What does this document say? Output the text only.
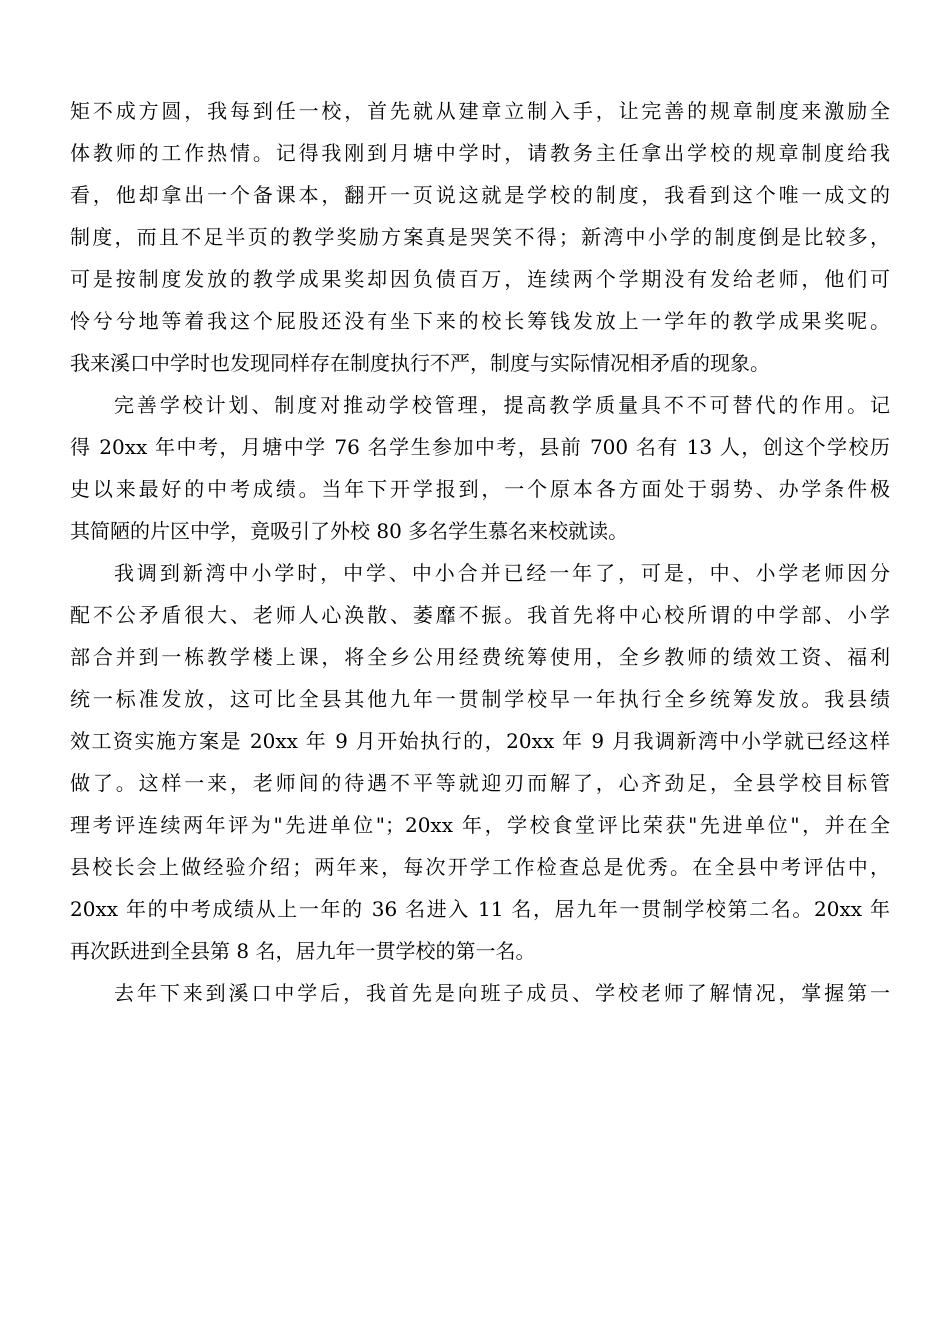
矩不成方圆，我每到任一校，首先就从建章立制入手，让完善的规章制度来激励全
体教师的工作热情。记得我刚到月塘中学时，请教务主任拿出学校的规章制度给我
看，他却拿出一个备课本，翻开一页说这就是学校的制度，我看到这个唯一成文的
制度，而且不足半页的教学奖励方案真是哭笑不得；新湾中小学的制度倒是比较多，
可是按制度发放的教学成果奖却因负债百万，连续两个学期没有发给老师，他们可
怜兮兮地等着我这个屁股还没有坐下来的校长筹钱发放上一学年的教学成果奖呢。
我来溪口中学时也发现同样存在制度执行不严，制度与实际情况相矛盾的现象。
完善学校计划、制度对推动学校管理，提高教学质量具不不可替代的作用。记
得 20xx 年中考，月塘中学 76 名学生参加中考，县前 700 名有 13 人，创这个学校历
史以来最好的中考成绩。当年下开学报到，一个原本各方面处于弱势、办学条件极
其简陋的片区中学，竟吸引了外校 80 多名学生慕名来校就读。
我调到新湾中小学时，中学、中小合并已经一年了，可是，中、小学老师因分
配不公矛盾很大、老师人心涣散、萎靡不振。我首先将中心校所谓的中学部、小学
部合并到一栋教学楼上课，将全乡公用经费统筹使用，全乡教师的绩效工资、福利
统一标准发放，这可比全县其他九年一贯制学校早一年执行全乡统筹发放。我县绩
效工资实施方案是 20xx 年 9 月开始执行的，20xx 年 9 月我调新湾中小学就已经这样
做了。这样一来，老师间的待遇不平等就迎刃而解了，心齐劲足，全县学校目标管
理考评连续两年评为"先进单位"；20xx 年，学校食堂评比荣获"先进单位"，并在全
县校长会上做经验介绍；两年来，每次开学工作检查总是优秀。在全县中考评估中，
20xx 年的中考成绩从上一年的 36 名进入 11 名，居九年一贯制学校第二名。20xx 年
再次跃进到全县第 8 名，居九年一贯学校的第一名。
去年下来到溪口中学后，我首先是向班子成员、学校老师了解情况，掌握第一
